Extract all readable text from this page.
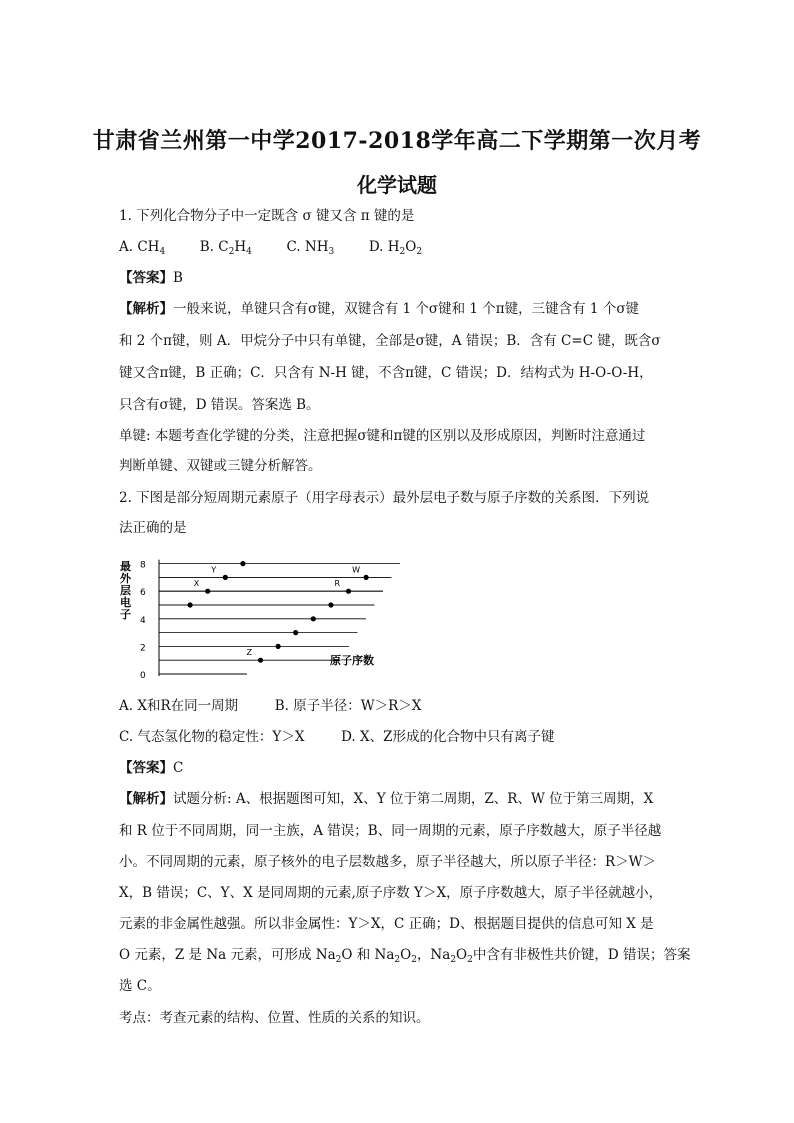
甘肃省兰州第一中学2017-2018学年高二下学期第一次月考
化学试题
1. 下列化合物分子中一定既含 σ 键又含 π 键的是
A. $CH_4$	B. $C_2H_4$	C. $NH_3$	D. $H_2O_2$
【答案】B
【解析】一般来说，单键只含有σ键，双键含有 1 个σ键和 1 个π键，三键含有 1 个σ键
和 2 个π键，则 A．甲烷分子中只有单键，全部是σ键，A 错误；B．含有 C=C 键，既含σ
键又含π键，B 正确；C．只含有 N-H 键，不含π键，C 错误；D．结构式为 H-O-O-H，
只含有σ键，D 错误。答案选 B。
单键: 本题考查化学键的分类，注意把握σ键和π键的区别以及形成原因，判断时注意通过
判断单键、双键或三键分析解答。
2. 下图是部分短周期元素原子（用字母表示）最外层电子数与原子序数的关系图．下列说
法正确的是
X
Y
Z
R
W
8
6
4
2
0
最外层电子
原子序数
A. X和R在同一周期	B. 原子半径：W＞R＞X
C. 气态氢化物的稳定性：Y＞X	D. X、Z形成的化合物中只有离子键
【答案】C
【解析】试题分析: A、根据题图可知，X、Y 位于第二周期，Z、R、W 位于第三周期，X
和 R 位于不同周期，同一主族，A 错误；B、同一周期的元素，原子序数越大，原子半径越
小。不同周期的元素，原子核外的电子层数越多，原子半径越大，所以原子半径：R＞W＞
X，B 错误；C、Y、X 是同周期的元素,原子序数 Y＞X，原子序数越大，原子半径就越小，
元素的非金属性越强。所以非金属性：Y＞X，C 正确；D、根据题目提供的信息可知 X 是
O 元素，Z 是 Na 元素，可形成 $Na_2O$ 和 $Na_2O_2$，$Na_2O_2$中含有非极性共价键，D 错误；答案
选 C。
考点：考查元素的结构、位置、性质的关系的知识。
